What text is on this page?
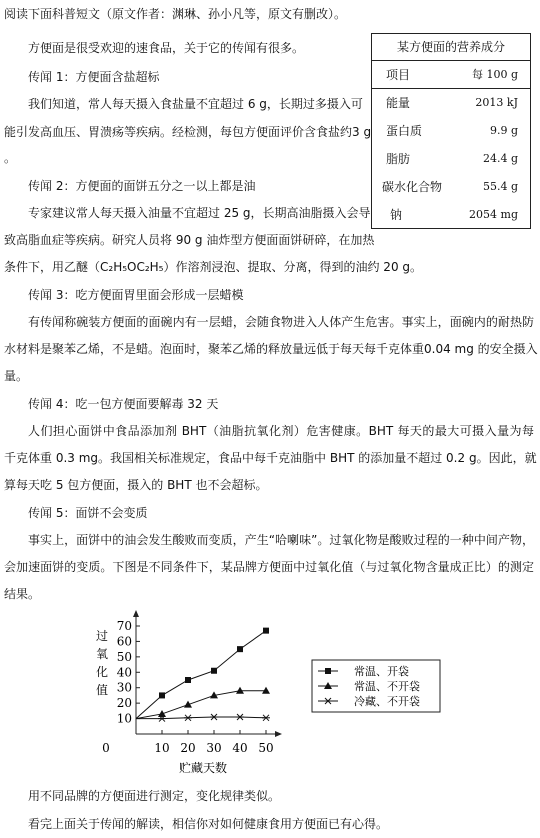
阅读下面科普短文（原文作者：渊琳、孙小凡等，原文有删改）。
方便面是很受欢迎的速食品，关于它的传闻有很多。
传闻 1：方便面含盐超标
我们知道，常人每天摄入食盐量不宜超过 6 g，长期过多摄入可
能引发高血压、胃溃疡等疾病。经检测，每包方便面评价含食盐约3 g
。
传闻 2：方便面的面饼五分之一以上都是油
专家建议常人每天摄入油量不宜超过 25 g，长期高油脂摄入会导
致高脂血症等疾病。研究人员将 90 g 油炸型方便面面饼研碎，在加热
条件下，用乙醚（C₂H₅OC₂H₅）作溶剂浸泡、提取、分离，得到的油约 20 g。
传闻 3：吃方便面胃里面会形成一层蜡模
有传闻称碗装方便面的面碗内有一层蜡，会随食物进入人体产生危害。事实上，面碗内的耐热防
水材料是聚苯乙烯，不是蜡。泡面时，聚苯乙烯的释放量远低于每天每千克体重0.04 mg 的安全摄入
量。
传闻 4：吃一包方便面要解毒 32 天
人们担心面饼中食品添加剂 BHT（油脂抗氧化剂）危害健康。BHT 每天的最大可摄入量为每
千克体重 0.3 mg。我国相关标准规定，食品中每千克油脂中 BHT 的添加量不超过 0.2 g。因此，就
算每天吃 5 包方便面，摄入的 BHT 也不会超标。
传闻 5：面饼不会变质
事实上，面饼中的油会发生酸败而变质，产生“哈喇味”。过氧化物是酸败过程的一种中间产物，
会加速面饼的变质。下图是不同条件下，某品牌方便面中过氧化值（与过氧化物含量成正比）的测定
结果。
用不同品牌的方便面进行测定，变化规律类似。
看完上面关于传闻的解读，相信你对如何健康食用方便面已有心得。
某方便面的营养成分
项目	每 100 g
能量	2013 kJ
蛋白质	9.9 g
脂肪	24.4 g
碳水化合物	55.4 g
钠	2054 mg
10
20
30
40
50
60
70
0	10 20 30 40 50
贮藏天数
过
氧
化
值
常温、开袋
常温、不开袋
冷藏、不开袋
